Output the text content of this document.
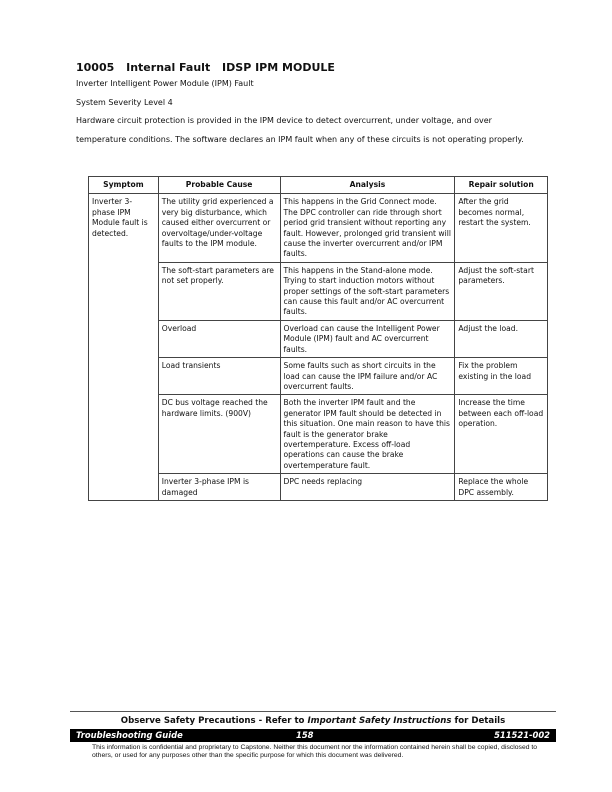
10005 Internal Fault IDSP IPM MODULE
Inverter Intelligent Power Module (IPM) Fault
System Severity Level 4
Hardware circuit protection is provided in the IPM device to detect overcurrent, under voltage, and over
temperature conditions. The software declares an IPM fault when any of these circuits is not operating properly.
Symptom	Probable Cause	Analysis	Repair solution
Inverter 3-phase IPM Module fault is detected.	The utility grid experienced a very big disturbance, which caused either overcurrent or overvoltage/under-voltage faults to the IPM module.	This happens in the Grid Connect mode. The DPC controller can ride through short period grid transient without reporting any fault. However, prolonged grid transient will cause the inverter overcurrent and/or IPM faults.	After the grid becomes normal, restart the system.
	The soft-start parameters are not set properly.	This happens in the Stand-alone mode. Trying to start induction motors without proper settings of the soft-start parameters can cause this fault and/or AC overcurrent faults.	Adjust the soft-start parameters.
	Overload	Overload can cause the Intelligent Power Module (IPM) fault and AC overcurrent faults.	Adjust the load.
	Load transients	Some faults such as short circuits in the load can cause the IPM failure and/or AC overcurrent faults.	Fix the problem existing in the load
	DC bus voltage reached the hardware limits. (900V)	Both the inverter IPM fault and the generator IPM fault should be detected in this situation. One main reason to have this fault is the generator brake overtemperature. Excess off-load operations can cause the brake overtemperature fault.	Increase the time between each off-load operation.
	Inverter 3-phase IPM is damaged	DPC needs replacing	Replace the whole DPC assembly.
Observe Safety Precautions - Refer to Important Safety Instructions for Details
Troubleshooting Guide	158	511521-002
This information is confidential and proprietary to Capstone. Neither this document nor the information contained herein shall be copied, disclosed to others, or used for any purposes other than the specific purpose for which this document was delivered.
